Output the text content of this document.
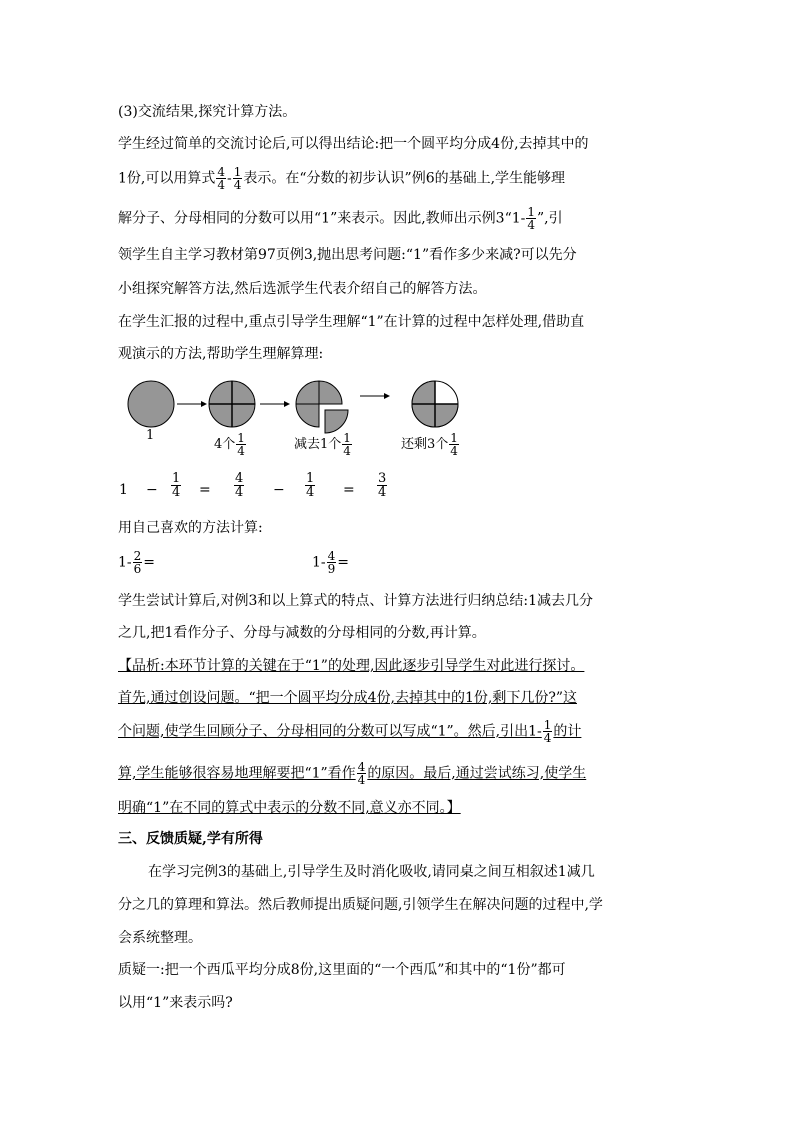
(3)交流结果,探究计算方法。
学生经过简单的交流讨论后,可以得出结论:把一个圆平均分成4份,去掉其中的
1份,可以用算式 $\frac{4}{4} - \frac{1}{4}$ 表示。在“分数的初步认识”例6的基础上,学生能够理
解分子、分母相同的分数可以用“1”来表示。因此,教师出示例3“1- $\frac{1}{4}$ ”,引
领学生自主学习教材第97页例3,抛出思考问题:“1”看作多少来减?可以先分
小组探究解答方法,然后选派学生代表介绍自己的解答方法。
在学生汇报的过程中,重点引导学生理解“1”在计算的过程中怎样处理,借助直
观演示的方法,帮助学生理解算理:
1
4个 $\frac{1}{4}$	减去1个 $\frac{1}{4}$	还剩3个 $\frac{1}{4}$
$1 - \frac{1}{4} = \frac{4}{4} - \frac{1}{4} = \frac{3}{4}$
用自己喜欢的方法计算:
$1- \frac{2}{6}$ =	$1- \frac{4}{9}$ =
学生尝试计算后,对例3和以上算式的特点、计算方法进行归纳总结:1减去几分
之几,把1看作分子、分母与减数的分母相同的分数,再计算。
【品析:本环节计算的关键在于“1”的处理,因此逐步引导学生对此进行探讨。
首先,通过创设问题。“把一个圆平均分成4份,去掉其中的1份,剩下几份?”这
个问题,使学生回顾分子、分母相同的分数可以写成“1”。然后,引出$1- \frac{1}{4}$ 的计
算,学生能够很容易地理解要把“1”看作 $\frac{4}{4}$ 的原因。最后,通过尝试练习,使学生
明确“1”在不同的算式中表示的分数不同,意义亦不同。】
三、反馈质疑,学有所得
在学习完例3的基础上,引导学生及时消化吸收,请同桌之间互相叙述1减几
分之几的算理和算法。然后教师提出质疑问题,引领学生在解决问题的过程中,学
会系统整理。
质疑一:把一个西瓜平均分成8份,这里面的“一个西瓜”和其中的“1份”都可
以用“1”来表示吗?
